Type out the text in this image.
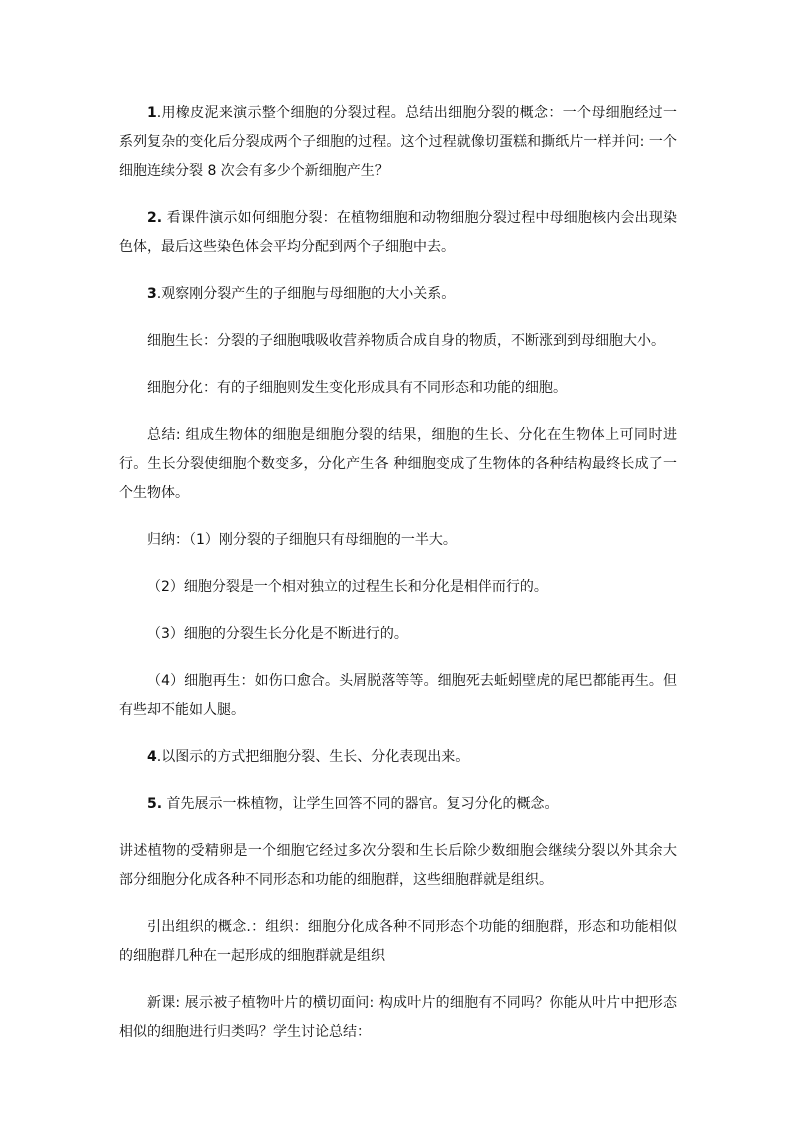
1.用橡皮泥来演示整个细胞的分裂过程。总结出细胞分裂的概念：一个母细胞经过一系列复杂的变化后分裂成两个子细胞的过程。这个过程就像切蛋糕和撕纸片一样并问: 一个细胞连续分裂 8 次会有多少个新细胞产生？

2. 看课件演示如何细胞分裂：在植物细胞和动物细胞分裂过程中母细胞核内会出现染色体，最后这些染色体会平均分配到两个子细胞中去。

3.观察刚分裂产生的子细胞与母细胞的大小关系。

细胞生长：分裂的子细胞哦吸收营养物质合成自身的物质，不断涨到到母细胞大小。

细胞分化：有的子细胞则发生变化形成具有不同形态和功能的细胞。

总结: 组成生物体的细胞是细胞分裂的结果，细胞的生长、分化在生物体上可同时进行。生长分裂使细胞个数变多，分化产生各 种细胞变成了生物体的各种结构最终长成了一个生物体。

归纳：（1）刚分裂的子细胞只有母细胞的一半大。

（2）细胞分裂是一个相对独立的过程生长和分化是相伴而行的。

（3）细胞的分裂生长分化是不断进行的。

（4）细胞再生：如伤口愈合。头屑脱落等等。细胞死去蚯蚓壁虎的尾巴都能再生。但有些却不能如人腿。

4.以图示的方式把细胞分裂、生长、分化表现出来。

5. 首先展示一株植物，让学生回答不同的器官。复习分化的概念。

讲述植物的受精卵是一个细胞它经过多次分裂和生长后除少数细胞会继续分裂以外其余大部分细胞分化成各种不同形态和功能的细胞群，这些细胞群就是组织。

引出组织的概念.：组织：细胞分化成各种不同形态个功能的细胞群，形态和功能相似的细胞群几种在一起形成的细胞群就是组织

新课: 展示被子植物叶片的横切面问: 构成叶片的细胞有不同吗？你能从叶片中把形态相似的细胞进行归类吗？学生讨论总结：
